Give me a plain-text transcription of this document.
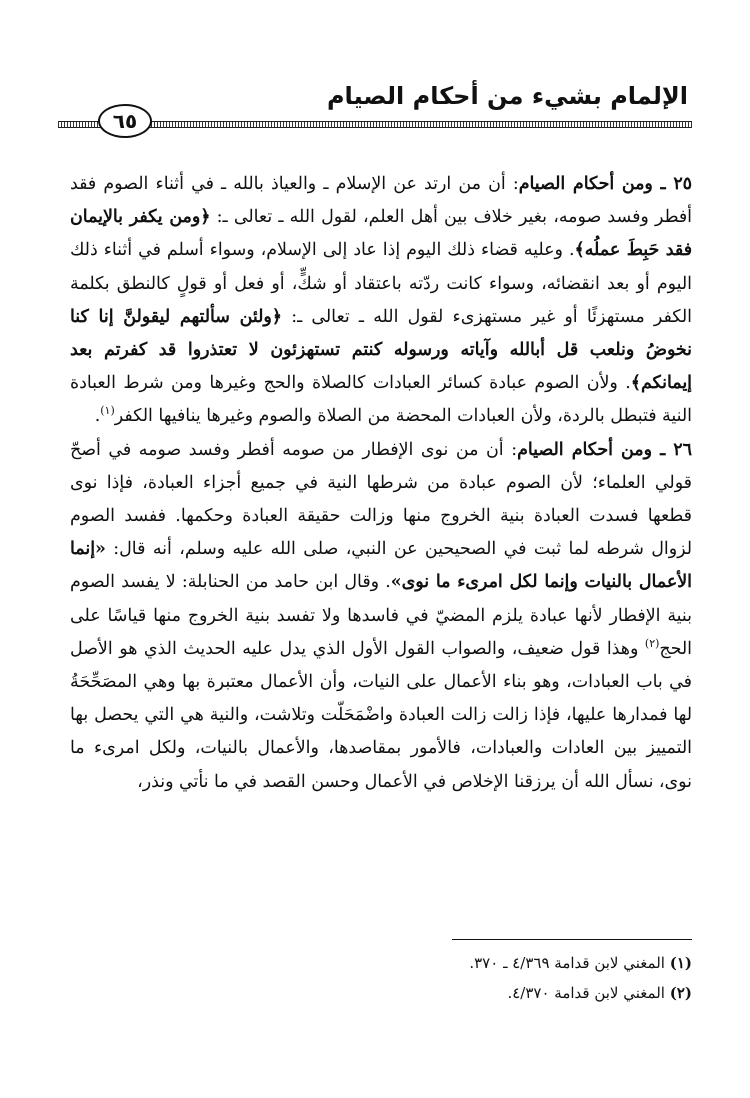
الإلمام بشيء من أحكام الصيام
٦٥

٢٥ ـ ومن أحكام الصيام: أن من ارتد عن الإسلام ـ والعياذ بالله ـ في أثناء الصوم فقد أفطر وفسد صومه، بغير خلاف بين أهل العلم، لقول الله ـ تعالى ـ: ﴿ومن يكفر بالإيمان فقد حَبِطَ عملُه﴾. وعليه قضاء ذلك اليوم إذا عاد إلى الإسلام، وسواء أسلم في أثناء ذلك اليوم أو بعد انقضائه، وسواء كانت ردّته باعتقاد أو شكٍّ، أو فعل أو قولٍ كالنطق بكلمة الكفر مستهزئًا أو غير مستهزىء لقول الله ـ تعالى ـ: ﴿ولئن سألتهم ليقولنَّ إنا كنا نخوضُ ونلعب قل أبالله وآياته ورسوله كنتم تستهزئون لا تعتذروا قد كفرتم بعد إيمانكم﴾. ولأن الصوم عبادة كسائر العبادات كالصلاة والحج وغيرها ومن شرط العبادة النية فتبطل بالردة، ولأن العبادات المحضة من الصلاة والصوم وغيرها ينافيها الكفر$^{(١)}$.

٢٦ ـ ومن أحكام الصيام: أن من نوى الإفطار من صومه أفطر وفسد صومه في أصحّ قولي العلماء؛ لأن الصوم عبادة من شرطها النية في جميع أجزاء العبادة، فإذا نوى قطعها فسدت العبادة بنية الخروج منها وزالت حقيقة العبادة وحكمها. ففسد الصوم لزوال شرطه لما ثبت في الصحيحين عن النبي، صلى الله عليه وسلم، أنه قال: «إنما الأعمال بالنيات وإنما لكل امرىء ما نوى». وقال ابن حامد من الحنابلة: لا يفسد الصوم بنية الإفطار لأنها عبادة يلزم المضيّ في فاسدها ولا تفسد بنية الخروج منها قياسًا على الحج$^{(٢)}$ وهذا قول ضعيف، والصواب القول الأول الذي يدل عليه الحديث الذي هو الأصل في باب العبادات، وهو بناء الأعمال على النيات، وأن الأعمال معتبرة بها وهي المصَحِّحَةُ لها فمدارها عليها، فإذا زالت زالت العبادة واضْمَحَلّت وتلاشت، والنية هي التي يحصل بها التمييز بين العادات والعبادات، فالأمور بمقاصدها، والأعمال بالنيات، ولكل امرىء ما نوى، نسأل الله أن يرزقنا الإخلاص في الأعمال وحسن القصد في ما نأتي ونذر،

(١) المغني لابن قدامة ٤/٣٦٩ ـ ٣٧٠.
(٢) المغني لابن قدامة ٤/٣٧٠.
